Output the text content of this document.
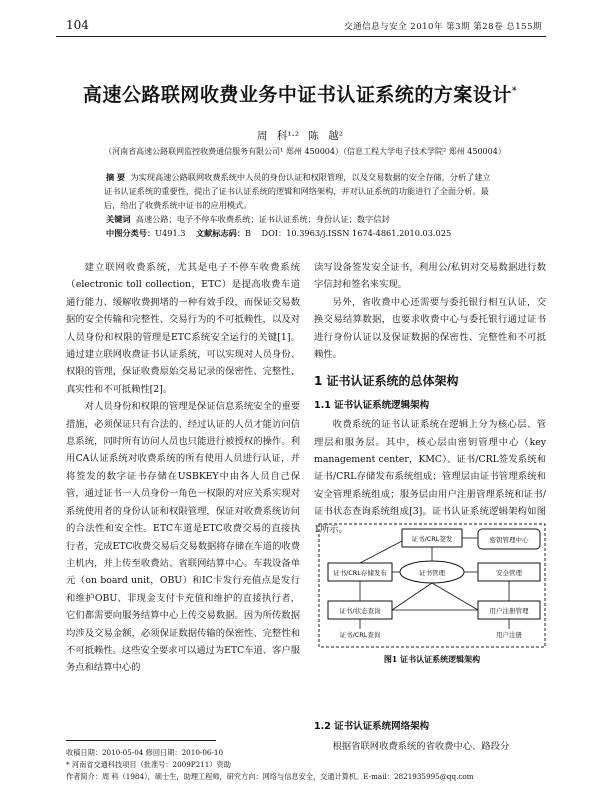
104	交通信息与安全 2010年 第3期 第28卷 总155期
高速公路联网收费业务中证书认证系统的方案设计*
周 科¹·² 陈 越²
（河南省高速公路联网监控收费通信服务有限公司¹ 郑州 450004）（信息工程大学电子技术学院² 郑州 450004）

摘 要 为实现高速公路联网收费系统中人员的身份认证和权限管理，以及交易数据的安全存储，分析了建立证书认证系统的重要性，提出了证书认证系统的逻辑和网络架构，并对认证系统的功能进行了全面分析。最后，给出了收费系统中证书的应用模式。

关键词 高速公路；电子不停车收费系统；证书认证系统；身份认证；数字信封

中图分类号：U491.3 文献标志码：B DOI：10.3963/j.ISSN 1674-4861.2010.03.025

建立联网收费系统，尤其是电子不停车收费系统（electronic toll collection，ETC）是提高收费车道通行能力、缓解收费拥堵的一种有效手段，而保证交易数据的安全传输和完整性、交易行为的不可抵赖性，以及对人员身份和权限的管理是ETC系统安全运行的关键[1]。通过建立联网收费证书认证系统，可以实现对人员身份、权限的管理，保证收费原始交易记录的保密性、完整性、真实性和不可抵赖性[2]。

对人员身份和权限的管理是保证信息系统安全的重要措施，必须保证只有合法的、经过认证的人员才能访问信息系统，同时所有访问人员也只能进行被授权的操作。利用CA认证系统对收费系统的所有使用人员进行认证，并将签发的数字证书存储在USBKEY中由各人员自己保管，通过证书一人员身份一角色一权限的对应关系实现对系统使用者的身份认证和权限管理，保证对收费系统访问的合法性和安全性。ETC车道是ETC收费交易的直接执行者，完成ETC收费交易后交易数据将存储在车道的收费主机内，并上传至收费站、省联网结算中心。车载设备单元（on board unit，OBU）和IC卡发行充值点是发行和维护OBU、非现金支付卡充值和维护的直接执行者，它们都需要向服务结算中心上传交易数据。因为所传数据均涉及交易金额，必须保证数据传输的保密性、完整性和不可抵赖性。这些安全要求可以通过为ETC车道、客户服务点和结算中心的

读写设备签发安全证书，利用公/私钥对交易数据进行数字信封和签名来实现。

另外，省收费中心还需要与委托银行相互认证，交换交易结算数据，也要求收费中心与委托银行通过证书进行身份认证以及保证数据的保密性、完整性和不可抵赖性。

1 证书认证系统的总体架构
1.1 证书认证系统逻辑架构

收费系统的证书认证系统在逻辑上分为核心层、管理层和服务层。其中，核心层由密钥管理中心（key management center，KMC）、证书/CRL签发系统和证书/CRL存储发布系统组成；管理层由证书管理系统和安全管理系统组成；服务层由用户注册管理系统和证书/证书状态查询系统组成[3]。证书认证系统逻辑架构如图1所示。

1.2 证书认证系统网络架构

根据省联网收费系统的省收费中心、路段分

证书/CRL签发	密钥管理中心
证书/CRL存储发布	证书管理	安全管理
证书/状态查询	用户注册管理
证书/CRL查询	用户注册
图1 证书认证系统逻辑架构
收稿日期：2010-05-04 修回日期：2010-06-10
* 河南省交通科技项目（批准号：2009P211）资助
作者简介：周 科（1984），硕士生，助理工程师，研究方向：网络与信息安全，交通计算机。E-mail：2821935995@qq.com
